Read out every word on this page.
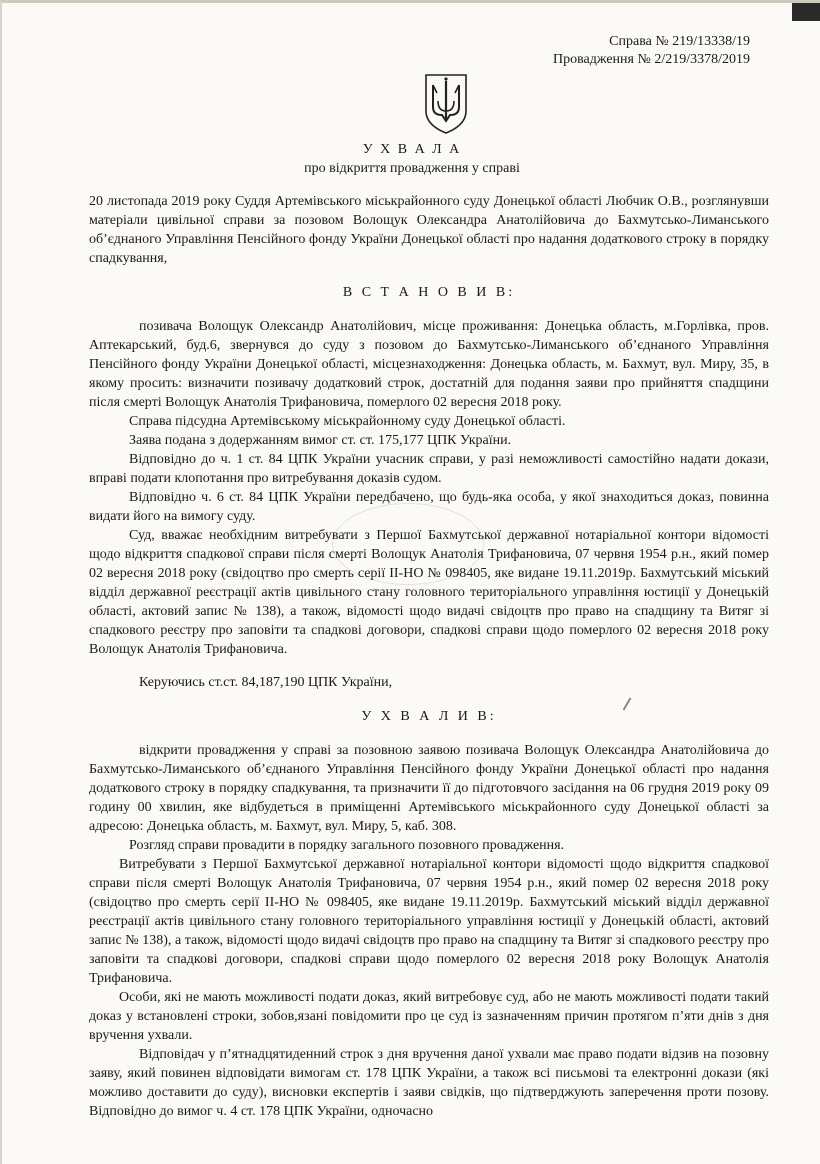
Справа № 219/13338/19
Провадження № 2/219/3378/2019
У Х В А Л А
про відкриття провадження у справі

20 листопада 2019 року Суддя Артемівського міськрайонного суду Донецької області Любчик О.В., розглянувши матеріали цивільної справи за позовом Волощук Олександра Анатолійовича до Бахмутсько-Лиманського об’єднаного Управління Пенсійного фонду України Донецької області про надання додаткового строку в порядку спадкування,

В С Т А Н О В И В:

позивача Волощук Олександр Анатолійович, місце проживання: Донецька область, м.Горлівка, пров. Аптекарський, буд.6, звернувся до суду з позовом до Бахмутсько-Лиманського об’єднаного Управління Пенсійного фонду України Донецької області, місцезнаходження: Донецька область, м. Бахмут, вул. Миру, 35, в якому просить: визначити позивачу додатковий строк, достатній для подання заяви про прийняття спадщини після смерті Волощук Анатолія Трифановича, померлого 02 вересня 2018 року.

Справа підсудна Артемівському міськрайонному суду Донецької області.

Заява подана з додержанням вимог ст. ст. 175,177 ЦПК України.

Відповідно до ч. 1 ст. 84 ЦПК України учасник справи, у разі неможливості самостійно надати докази, вправі подати клопотання про витребування доказів судом.

Відповідно ч. 6 ст. 84 ЦПК України передбачено, що будь-яка особа, у якої знаходиться доказ, повинна видати його на вимогу суду.

Суд, вважає необхідним витребувати з Першої Бахмутської державної нотаріальної контори відомості щодо відкриття спадкової справи після смерті Волощук Анатолія Трифановича, 07 червня 1954 р.н., який помер 02 вересня 2018 року (свідоцтво про смерть серії ІІ-НО № 098405, яке видане 19.11.2019р. Бахмутський міський відділ державної реєстрації актів цивільного стану головного територіального управління юстиції у Донецькій області, актовий запис № 138), а також, відомості щодо видачі свідоцтв про право на спадщину та Витяг зі спадкового реєстру про заповіти та спадкові договори, спадкові справи щодо померлого 02 вересня 2018 року Волощук Анатолія Трифановича.

Керуючись ст.ст. 84,187,190 ЦПК України,

У Х В А Л И В:

відкрити провадження у справі за позовною заявою позивача Волощук Олександра Анатолійовича до Бахмутсько-Лиманського об’єднаного Управління Пенсійного фонду України Донецької області про надання додаткового строку в порядку спадкування, та призначити її до підготовчого засідання на 06 грудня 2019 року 09 годину 00 хвилин, яке відбудеться в приміщенні Артемівського міськрайонного суду Донецької області за адресою: Донецька область, м. Бахмут, вул. Миру, 5, каб. 308.

Розгляд справи провадити в порядку загального позовного провадження.

Витребувати з Першої Бахмутської державної нотаріальної контори відомості щодо відкриття спадкової справи після смерті Волощук Анатолія Трифановича, 07 червня 1954 р.н., який помер 02 вересня 2018 року (свідоцтво про смерть серії ІІ-НО № 098405, яке видане 19.11.2019р. Бахмутський міський відділ державної реєстрації актів цивільного стану головного територіального управління юстиції у Донецькій області, актовий запис № 138), а також, відомості щодо видачі свідоцтв про право на спадщину та Витяг зі спадкового реєстру про заповіти та спадкові договори, спадкові справи щодо померлого 02 вересня 2018 року Волощук Анатолія Трифановича.

Особи, які не мають можливості подати доказ, який витребовує суд, або не мають можливості подати такий доказ у встановлені строки, зобов,язані повідомити про це суд із зазначенням причин протягом п’яти днів з дня вручення ухвали.

Відповідач у п’ятнадцятиденний строк з дня вручення даної ухвали має право подати відзив на позовну заяву, який повинен відповідати вимогам ст. 178 ЦПК України, а також всі письмові та електронні докази (які можливо доставити до суду), висновки експертів і заяви свідків, що підтверджують заперечення проти позову. Відповідно до вимог ч. 4 ст. 178 ЦПК України, одночасно
